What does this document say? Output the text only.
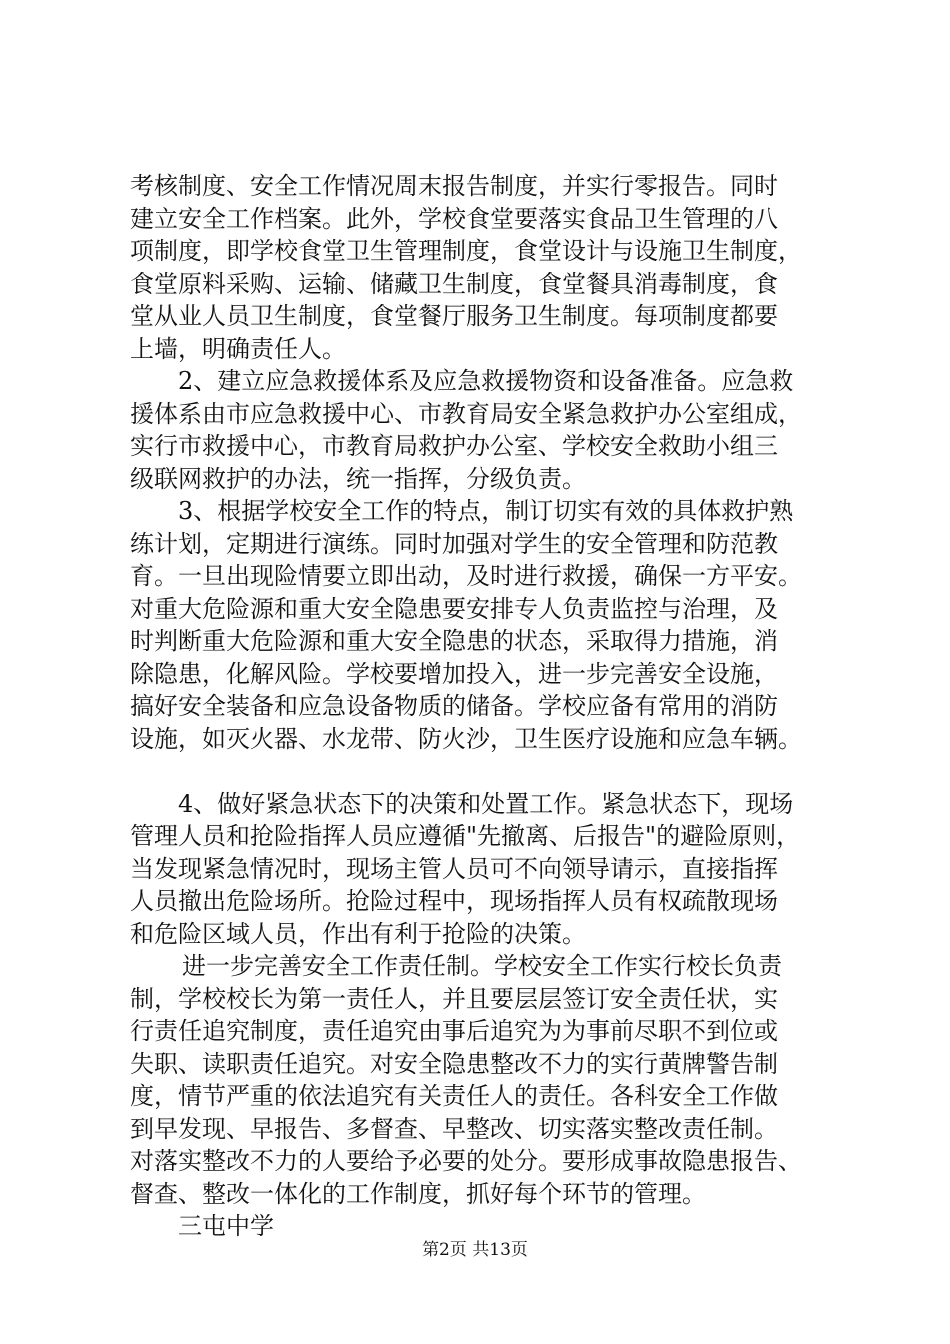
考核制度、安全工作情况周末报告制度，并实行零报告。同时
建立安全工作档案。此外，学校食堂要落实食品卫生管理的八
项制度，即学校食堂卫生管理制度，食堂设计与设施卫生制度，
食堂原料采购、运输、储藏卫生制度，食堂餐具消毒制度，食
堂从业人员卫生制度，食堂餐厅服务卫生制度。每项制度都要
上墙，明确责任人。
2、建立应急救援体系及应急救援物资和设备准备。应急救
援体系由市应急救援中心、市教育局安全紧急救护办公室组成，
实行市救援中心，市教育局救护办公室、学校安全救助小组三
级联网救护的办法，统一指挥，分级负责。
3、根据学校安全工作的特点，制订切实有效的具体救护熟
练计划，定期进行演练。同时加强对学生的安全管理和防范教
育。一旦出现险情要立即出动，及时进行救援，确保一方平安。
对重大危险源和重大安全隐患要安排专人负责监控与治理，及
时判断重大危险源和重大安全隐患的状态，采取得力措施，消
除隐患，化解风险。学校要增加投入，进一步完善安全设施，
搞好安全装备和应急设备物质的储备。学校应备有常用的消防
设施，如灭火器、水龙带、防火沙，卫生医疗设施和应急车辆。
4、做好紧急状态下的决策和处置工作。紧急状态下，现场
管理人员和抢险指挥人员应遵循"先撤离、后报告"的避险原则，
当发现紧急情况时，现场主管人员可不向领导请示，直接指挥
人员撤出危险场所。抢险过程中，现场指挥人员有权疏散现场
和危险区域人员，作出有利于抢险的决策。
进一步完善安全工作责任制。学校安全工作实行校长负责
制，学校校长为第一责任人，并且要层层签订安全责任状，实
行责任追究制度，责任追究由事后追究为为事前尽职不到位或
失职、读职责任追究。对安全隐患整改不力的实行黄牌警告制
度，情节严重的依法追究有关责任人的责任。各科安全工作做
到早发现、早报告、多督查、早整改、切实落实整改责任制。
对落实整改不力的人要给予必要的处分。要形成事故隐患报告、
督查、整改一体化的工作制度，抓好每个环节的管理。
三屯中学
第2页 共13页
